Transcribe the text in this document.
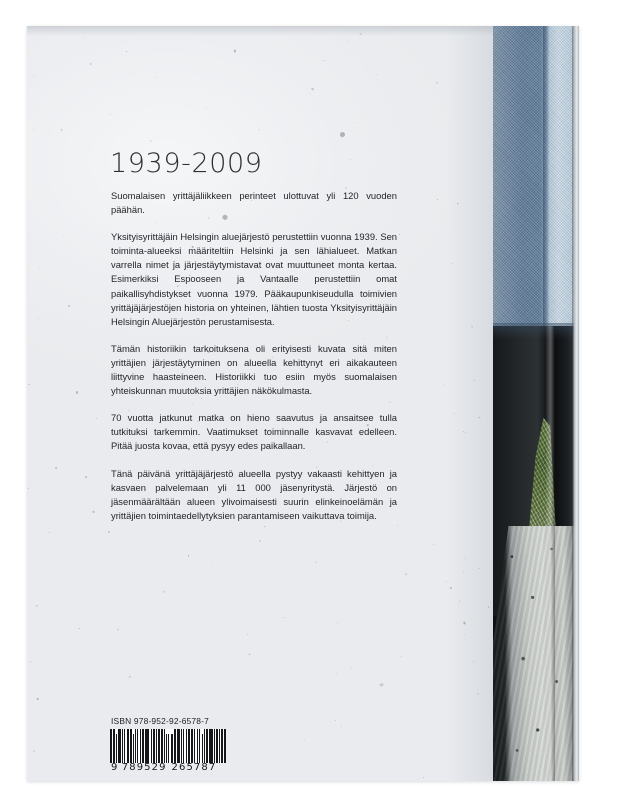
1939-2009

Suomalaisen yrittäjäliikkeen perinteet ulottuvat yli 120 vuoden päähän.

Yksityisyrittäjäin Helsingin aluejärjestö perustettiin vuonna 1939. Sen toiminta-alueeksi määriteltiin Helsinki ja sen lähialueet. Matkan varrella nimet ja järjestäytymistavat ovat muuttuneet monta kertaa. Esimerkiksi Espooseen ja Vantaalle perustettiin omat paikallisyhdistykset vuonna 1979. Pääkaupunkiseudulla toimivien yrittäjäjärjestöjen historia on yhteinen, lähtien tuosta Yksityisyrittäjäin Helsingin Aluejärjestön perustamisesta.

Tämän historiikin tarkoituksena oli erityisesti kuvata sitä miten yrittäjien järjestäytyminen on alueella kehittynyt eri aikakauteen liittyvine haasteineen. Historiikki tuo esiin myös suomalaisen yhteiskunnan muutoksia yrittäjien näkökulmasta.

70 vuotta jatkunut matka on hieno saavutus ja ansaitsee tulla tutkituksi tarkemmin. Vaatimukset toiminnalle kasvavat edelleen. Pitää juosta kovaa, että pysyy edes paikallaan.

Tänä päivänä yrittäjäjärjestö alueella pystyy vakaasti kehittyen ja kasvaen palvelemaan yli 11 000 jäsenyritystä. Järjestö on jäsenmäärältään alueen ylivoimaisesti suurin elinkeinoelämän ja yrittäjien toimintaedellytyksien parantamiseen vaikuttava toimija.

ISBN 978-952-92-6578-7
9 789529 265787
